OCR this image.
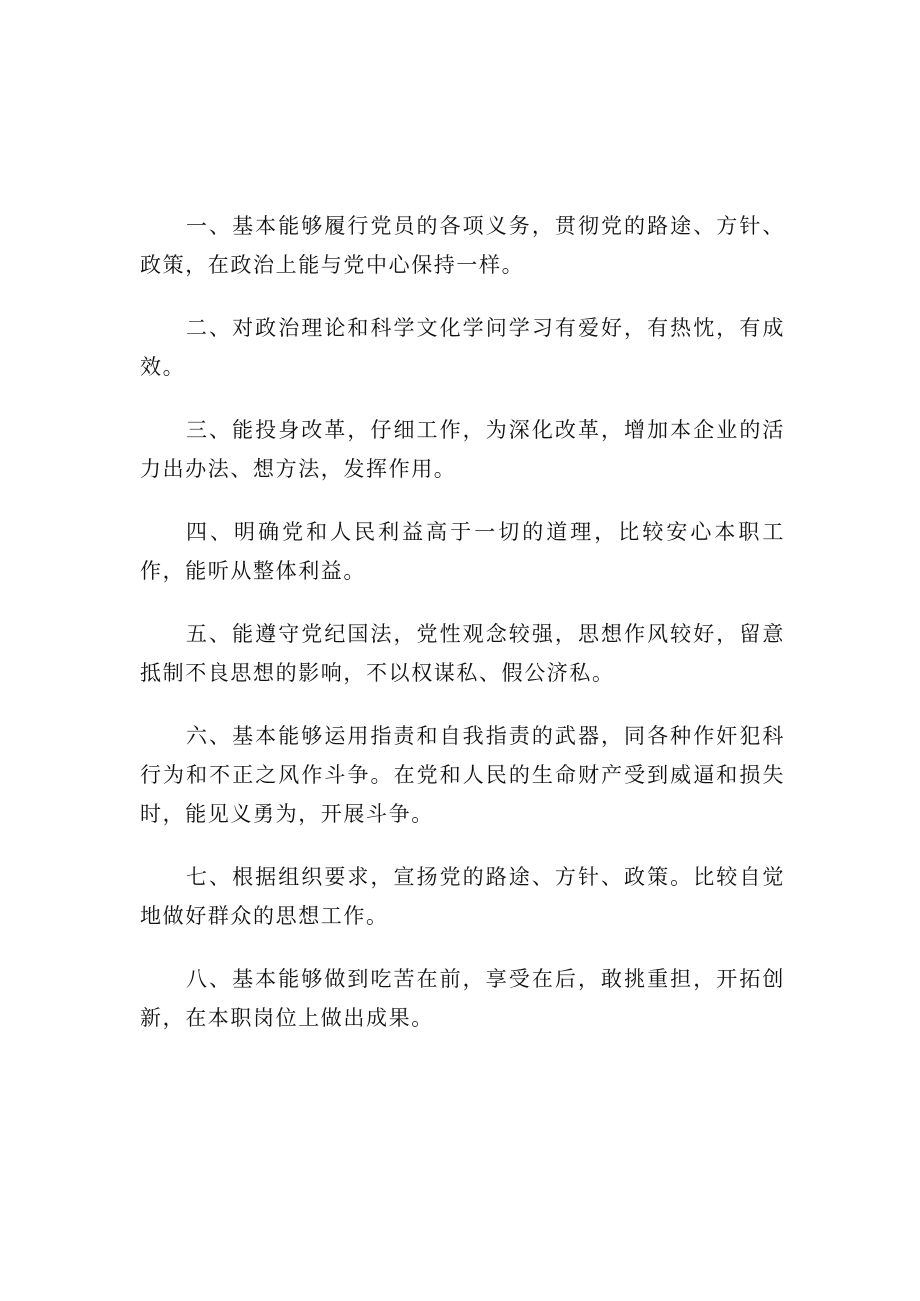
一、基本能够履行党员的各项义务，贯彻党的路途、方针、政策，在政治上能与党中心保持一样。

二、对政治理论和科学文化学问学习有爱好，有热忱，有成效。

三、能投身改革，仔细工作，为深化改革，增加本企业的活力出办法、想方法，发挥作用。

四、明确党和人民利益高于一切的道理，比较安心本职工作，能听从整体利益。

五、能遵守党纪国法，党性观念较强，思想作风较好，留意抵制不良思想的影响，不以权谋私、假公济私。

六、基本能够运用指责和自我指责的武器，同各种作奸犯科行为和不正之风作斗争。在党和人民的生命财产受到威逼和损失时，能见义勇为，开展斗争。

七、根据组织要求，宣扬党的路途、方针、政策。比较自觉地做好群众的思想工作。

八、基本能够做到吃苦在前，享受在后，敢挑重担，开拓创新，在本职岗位上做出成果。
